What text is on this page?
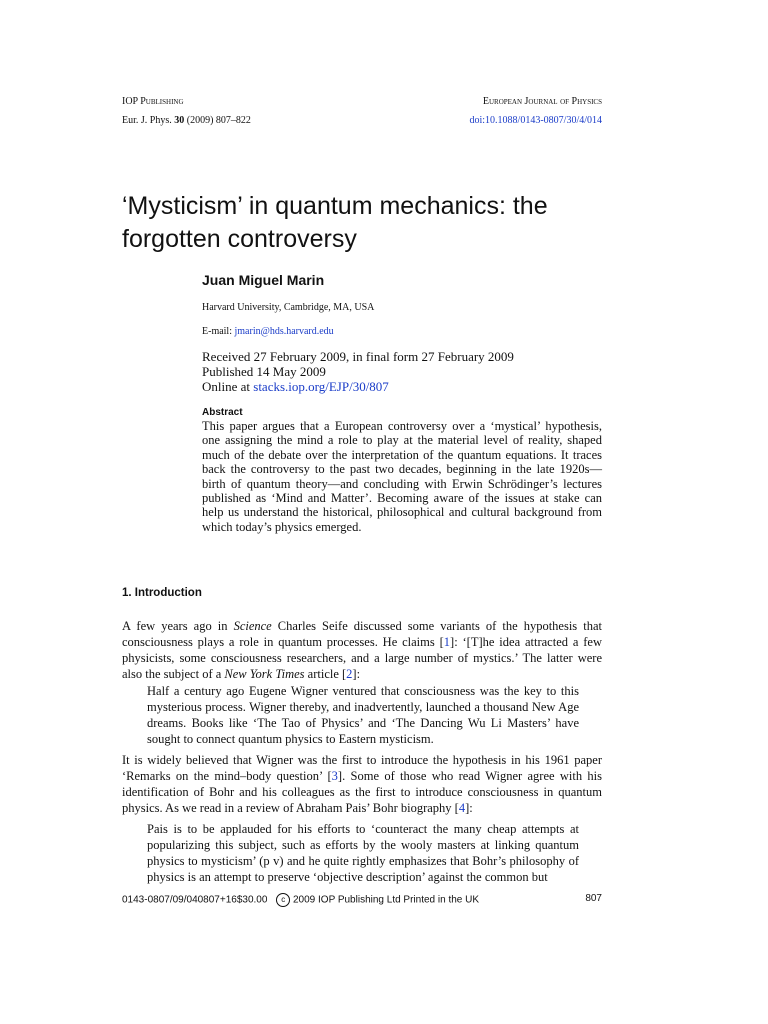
IOP Publishing	European Journal of Physics
Eur. J. Phys. 30 (2009) 807–822	doi:10.1088/0143-0807/30/4/014
‘Mysticism’ in quantum mechanics: the forgotten controversy
Juan Miguel Marin
Harvard University, Cambridge, MA, USA
E-mail: jmarin@hds.harvard.edu
Received 27 February 2009, in final form 27 February 2009
Published 14 May 2009
Online at stacks.iop.org/EJP/30/807
Abstract

This paper argues that a European controversy over a ‘mystical’ hypothesis, one assigning the mind a role to play at the material level of reality, shaped much of the debate over the interpretation of the quantum equations. It traces back the controversy to the past two decades, beginning in the late 1920s—birth of quantum theory—and concluding with Erwin Schrödinger’s lectures published as ‘Mind and Matter’. Becoming aware of the issues at stake can help us understand the historical, philosophical and cultural background from which today’s physics emerged.

1. Introduction

A few years ago in Science Charles Seife discussed some variants of the hypothesis that consciousness plays a role in quantum processes. He claims [1]: ‘[T]he idea attracted a few physicists, some consciousness researchers, and a large number of mystics.’ The latter were also the subject of a New York Times article [2]:

Half a century ago Eugene Wigner ventured that consciousness was the key to this mysterious process. Wigner thereby, and inadvertently, launched a thousand New Age dreams. Books like ‘The Tao of Physics’ and ‘The Dancing Wu Li Masters’ have sought to connect quantum physics to Eastern mysticism.

It is widely believed that Wigner was the first to introduce the hypothesis in his 1961 paper ‘Remarks on the mind–body question’ [3]. Some of those who read Wigner agree with his identification of Bohr and his colleagues as the first to introduce consciousness in quantum physics. As we read in a review of Abraham Pais’ Bohr biography [4]:

Pais is to be applauded for his efforts to ‘counteract the many cheap attempts at popularizing this subject, such as efforts by the wooly masters at linking quantum physics to mysticism’ (p v) and he quite rightly emphasizes that Bohr’s philosophy of physics is an attempt to preserve ‘objective description’ against the common but

0143-0807/09/040807+16$30.00 c 2009 IOP Publishing Ltd Printed in the UK	807
